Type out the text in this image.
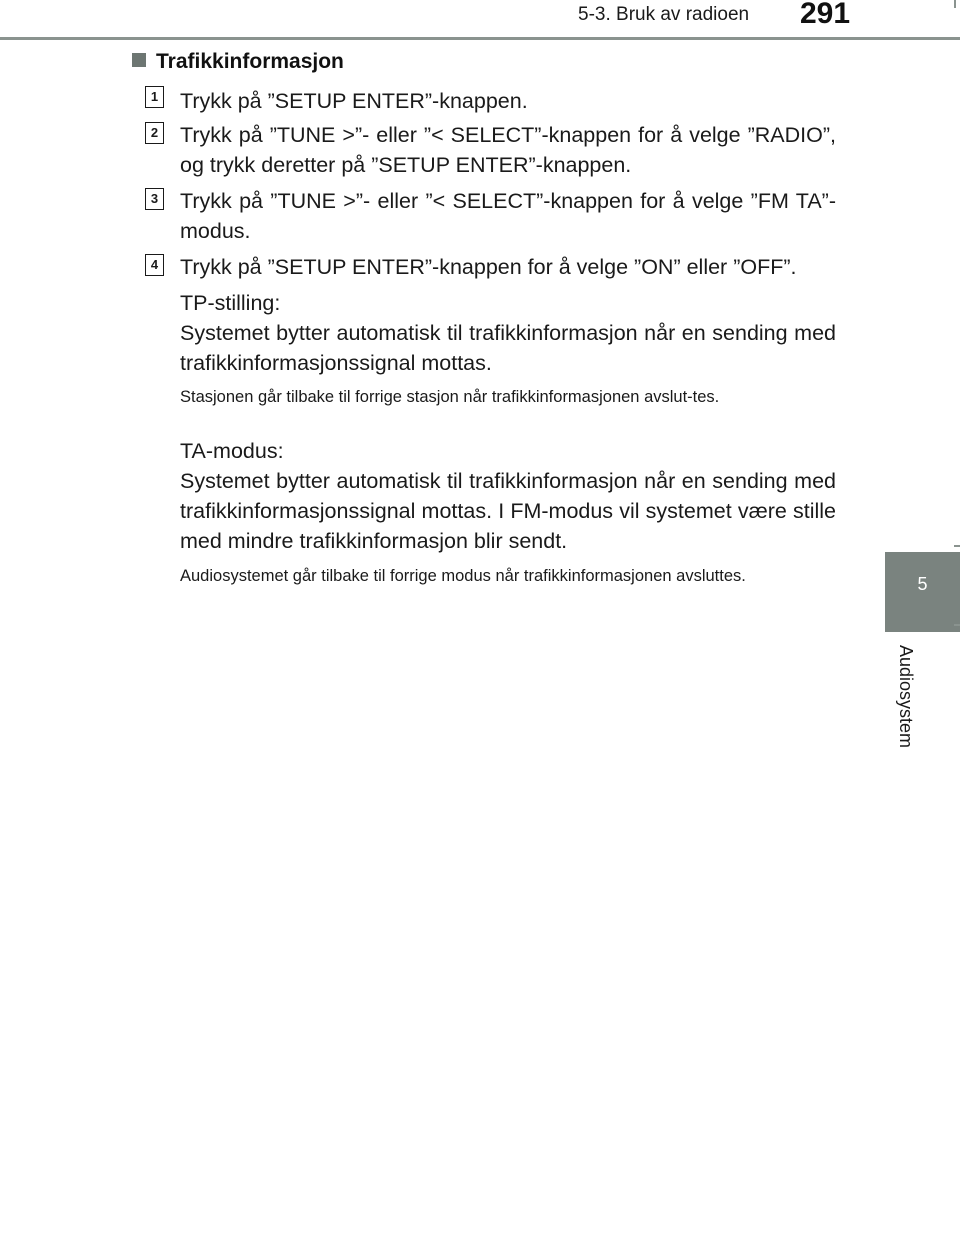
5-3. Bruk av radioen 291
5
Audiosystem
Trafikkinformasjon
1 Trykk på ”SETUP ENTER”-knappen.
2 Trykk på ”TUNE >”- eller ”< SELECT”-knappen for å velge ”RADIO”, og trykk deretter på ”SETUP ENTER”-knappen.
3 Trykk på ”TUNE >”- eller ”< SELECT”-knappen for å velge ”FM TA”-modus.
4 Trykk på ”SETUP ENTER”-knappen for å velge ”ON” eller ”OFF”.
TP-stilling:
Systemet bytter automatisk til trafikkinformasjon når en sending med trafikkinformasjonssignal mottas.
Stasjonen går tilbake til forrige stasjon når trafikkinformasjonen avslut-tes.
TA-modus:
Systemet bytter automatisk til trafikkinformasjon når en sending med trafikkinformasjonssignal mottas. I FM-modus vil systemet være stille med mindre trafikkinformasjon blir sendt.
Audiosystemet går tilbake til forrige modus når trafikkinformasjonen avsluttes.
